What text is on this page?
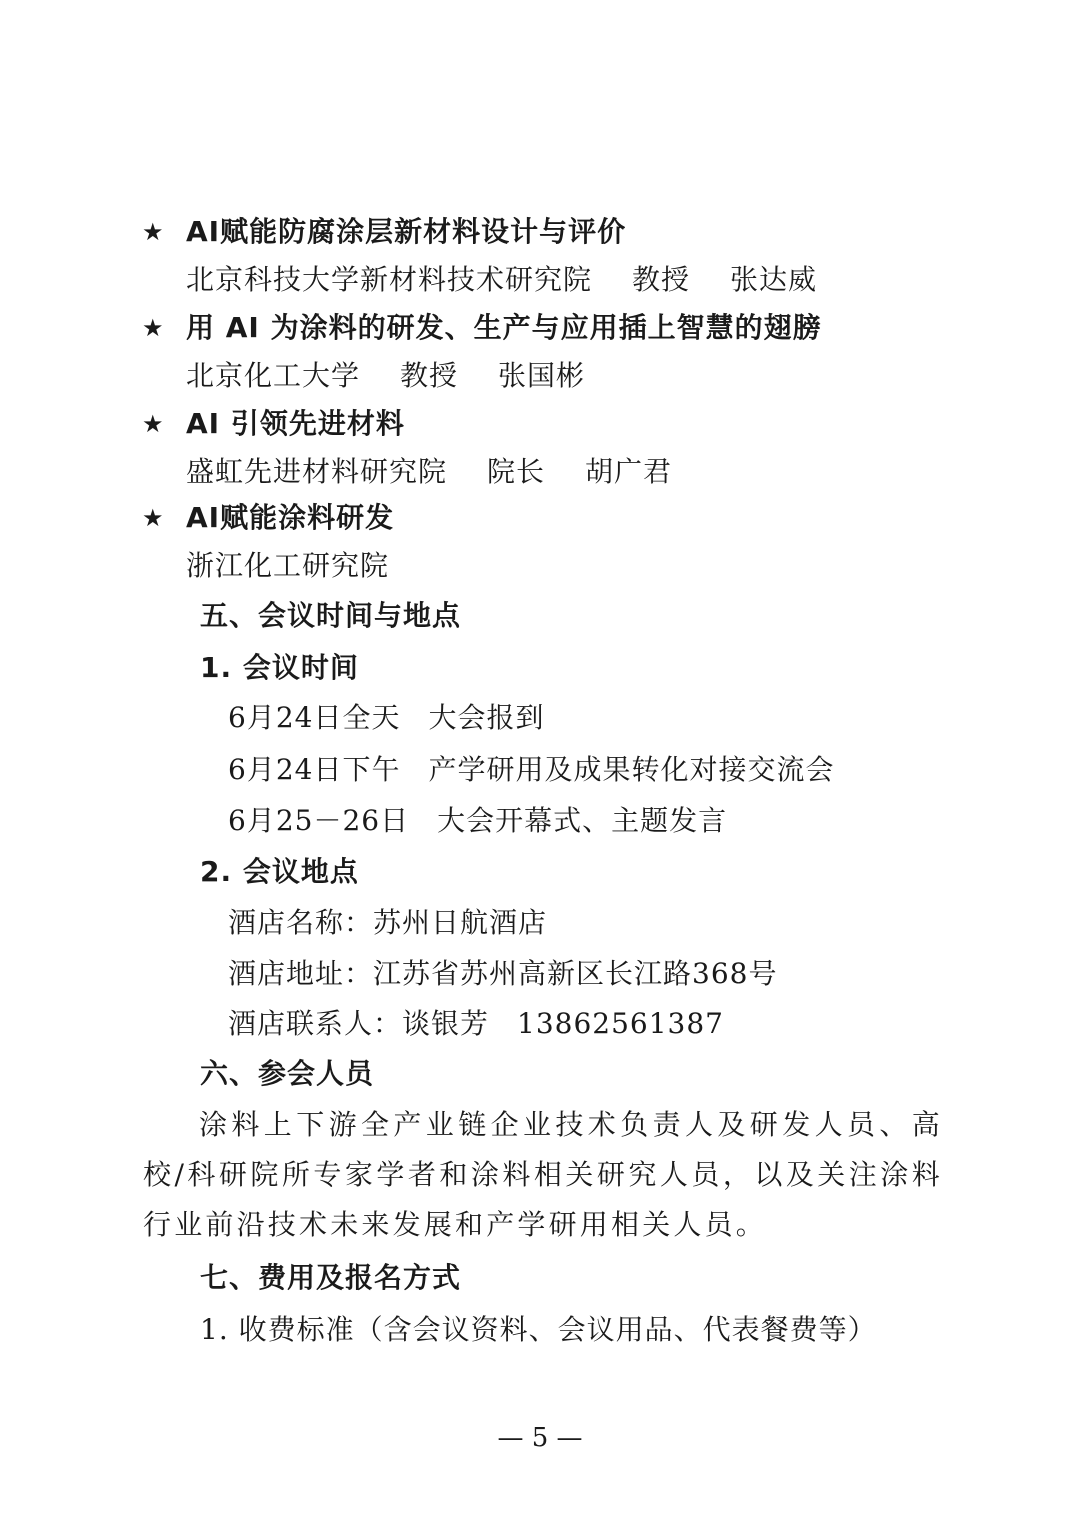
★ AI赋能防腐涂层新材料设计与评价
北京科技大学新材料技术研究院 教授 张达威
★ 用 AI 为涂料的研发、生产与应用插上智慧的翅膀
北京化工大学 教授 张国彬
★ AI 引领先进材料
盛虹先进材料研究院 院长 胡广君
★ AI赋能涂料研发
浙江化工研究院
五、会议时间与地点
1. 会议时间
6月24日全天 大会报到
6月24日下午 产学研用及成果转化对接交流会
6月25－26日 大会开幕式、主题发言
2. 会议地点
酒店名称：苏州日航酒店
酒店地址：江苏省苏州高新区长江路368号
酒店联系人：谈银芳 13862561387
六、参会人员
涂料上下游全产业链企业技术负责人及研发人员、高校/科研院所专家学者和涂料相关研究人员，以及关注涂料行业前沿技术未来发展和产学研用相关人员。
七、费用及报名方式
1. 收费标准（含会议资料、会议用品、代表餐费等）
— 5 —
